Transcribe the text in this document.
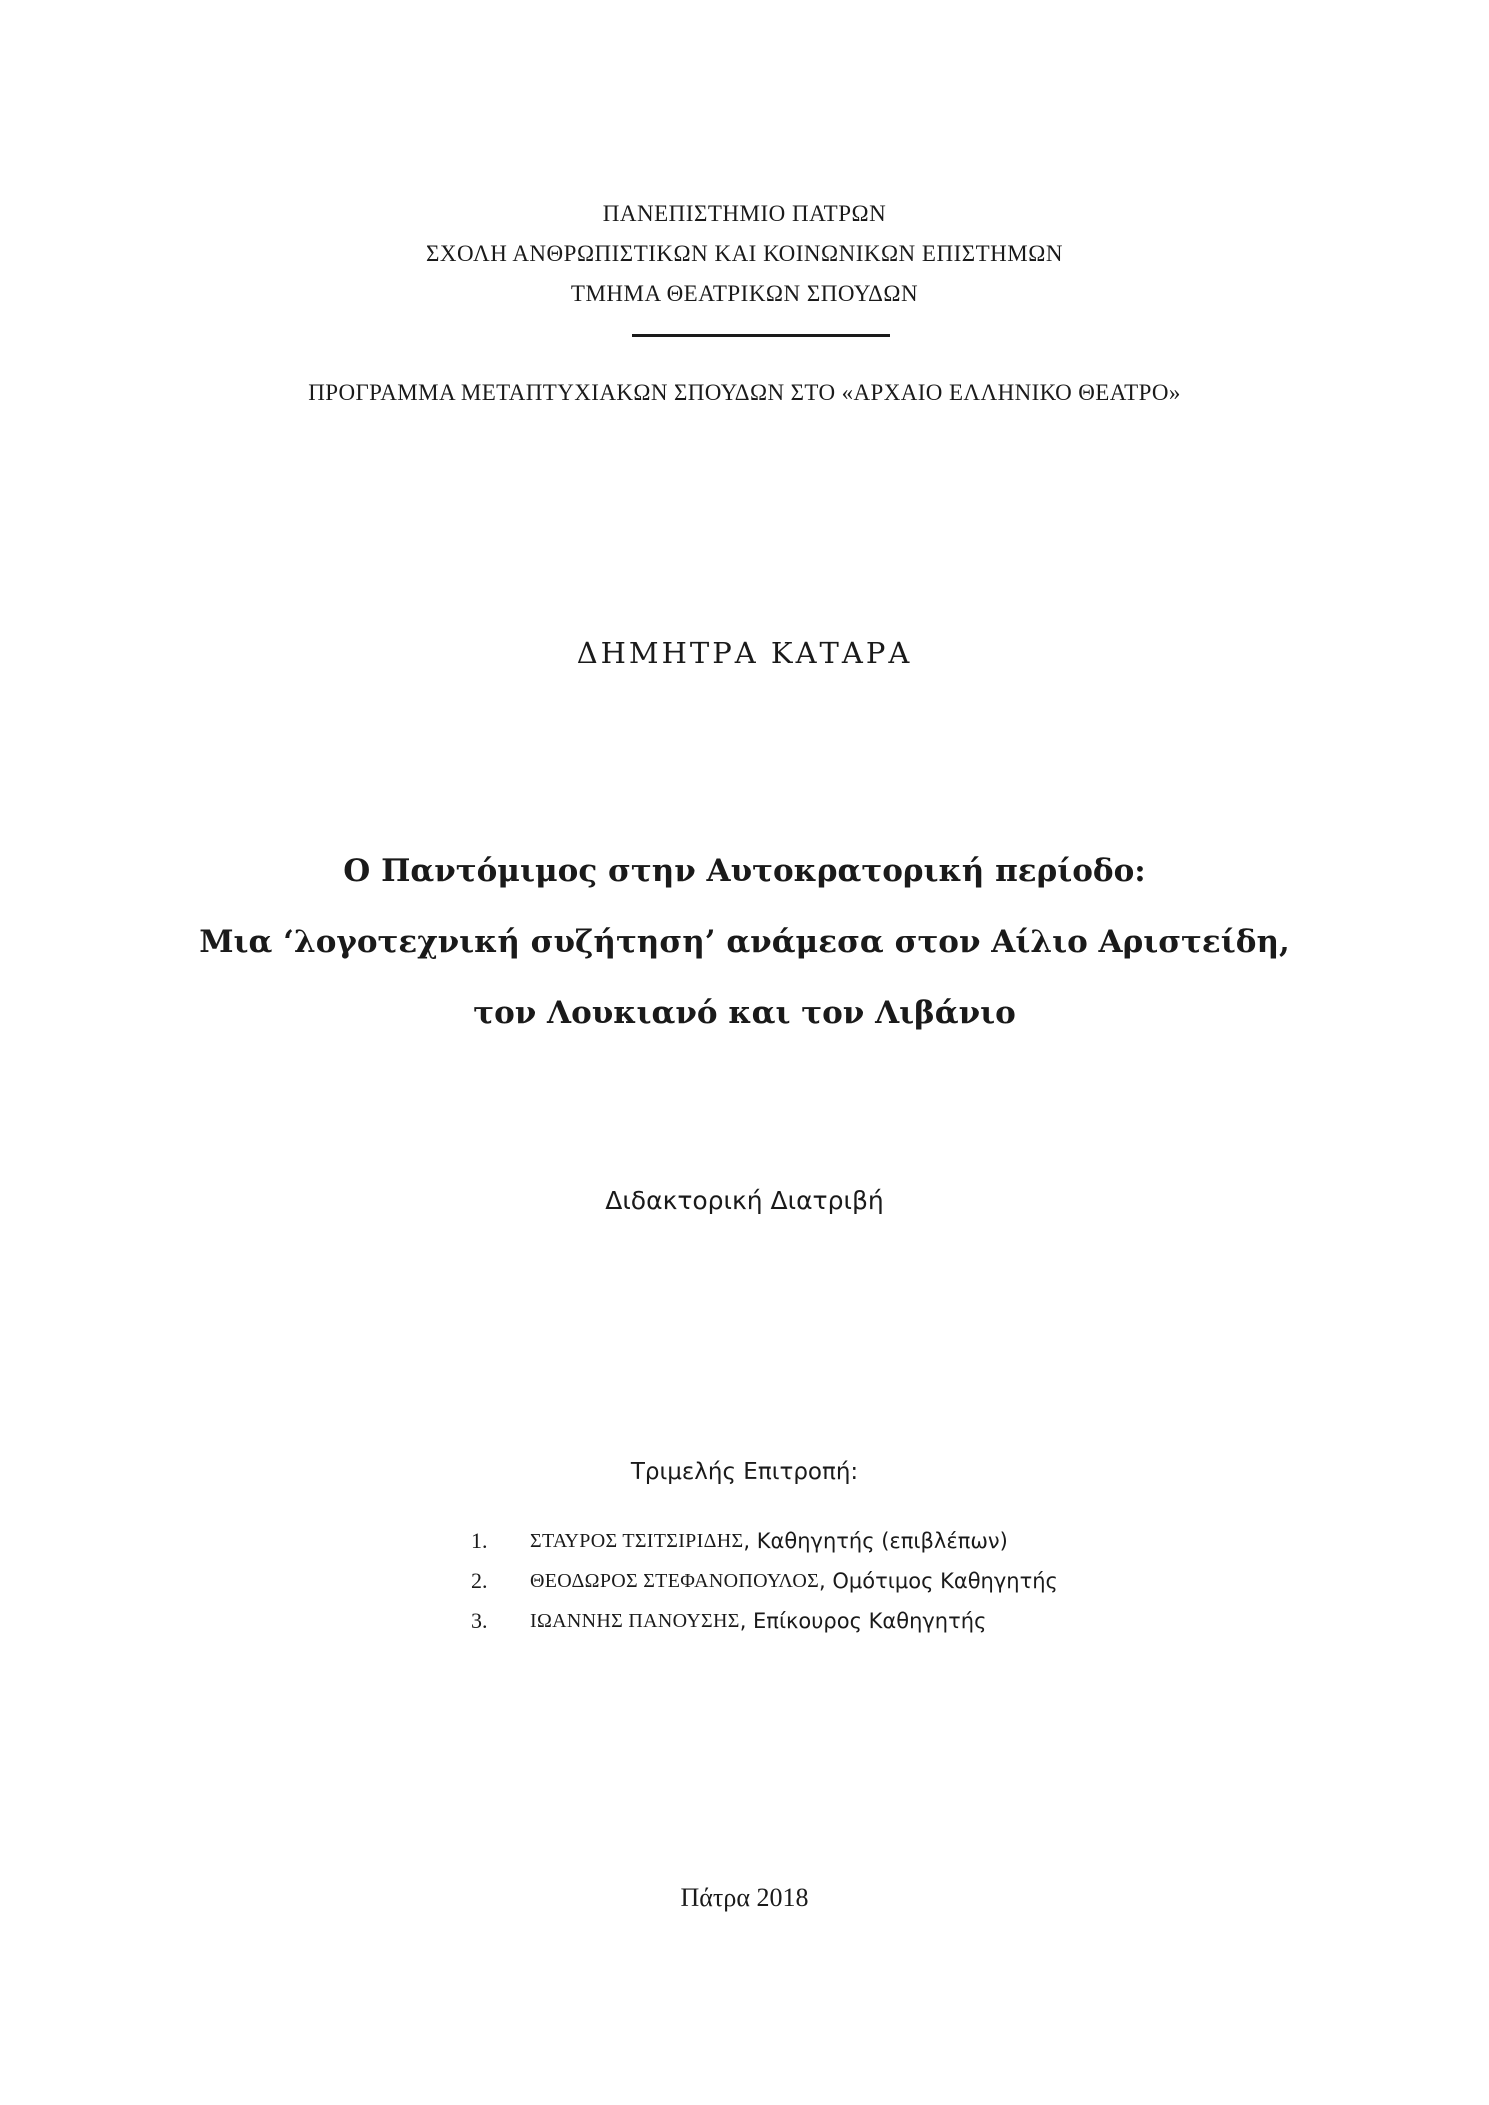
ΠΑΝΕΠΙΣΤΗΜΙΟ ΠΑΤΡΩΝ
ΣΧΟΛΗ ΑΝΘΡΩΠΙΣΤΙΚΩΝ ΚΑΙ ΚΟΙΝΩΝΙΚΩΝ ΕΠΙΣΤΗΜΩΝ
ΤΜΗΜΑ ΘΕΑΤΡΙΚΩΝ ΣΠΟΥΔΩΝ
ΠΡΟΓΡΑΜΜΑ ΜΕΤΑΠΤΥΧΙΑΚΩΝ ΣΠΟΥΔΩΝ ΣΤΟ «ΑΡΧΑΙΟ ΕΛΛΗΝΙΚΟ ΘΕΑΤΡΟ»
ΔΗΜΗΤΡΑ ΚΑΤΑΡΑ
Ο Παντόμιμος στην Αυτοκρατορική περίοδο:
Μια ‘λογοτεχνική συζήτηση’ ανάμεσα στον Αίλιο Αριστείδη,
τον Λουκιανό και τον Λιβάνιο
Διδακτορική Διατριβή
Τριμελής Επιτροπή:
1.	ΣΤΑΥΡΟΣ ΤΣΙΤΣΙΡΙΔΗΣ , Καθηγητής (επιβλέπων)
2.	ΘΕΟΔΩΡΟΣ ΣΤΕΦΑΝΟΠΟΥΛΟΣ , Ομότιμος Καθηγητής
3.	ΙΩΑΝΝΗΣ ΠΑΝΟΥΣΗΣ , Επίκουρος Καθηγητής
Πάτρα 2018
